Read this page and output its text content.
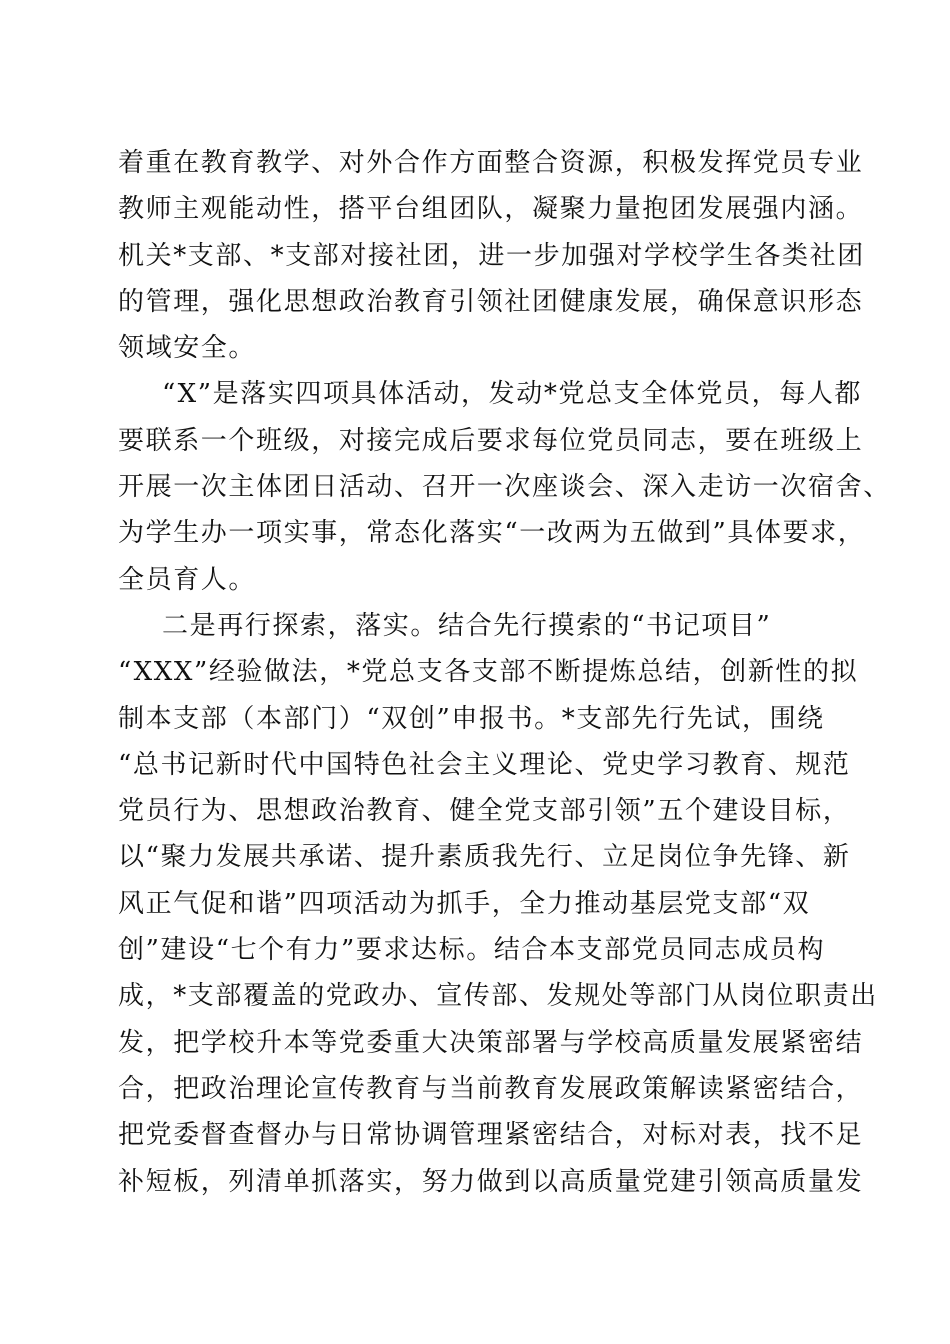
着重在教育教学、对外合作方面整合资源，积极发挥党员专业
教师主观能动性，搭平台组团队，凝聚力量抱团发展强内涵。
机关*支部、*支部对接社团，进一步加强对学校学生各类社团
的管理，强化思想政治教育引领社团健康发展，确保意识形态
领域安全。
“X”是落实四项具体活动，发动*党总支全体党员，每人都
要联系一个班级，对接完成后要求每位党员同志，要在班级上
开展一次主体团日活动、召开一次座谈会、深入走访一次宿舍、
为学生办一项实事，常态化落实“一改两为五做到”具体要求，
全员育人。
二是再行探索，落实。结合先行摸索的“书记项目”
“XXX”经验做法，*党总支各支部不断提炼总结，创新性的拟
制本支部（本部门）“双创”申报书。*支部先行先试，围绕
“总书记新时代中国特色社会主义理论、党史学习教育、规范
党员行为、思想政治教育、健全党支部引领”五个建设目标，
以“聚力发展共承诺、提升素质我先行、立足岗位争先锋、新
风正气促和谐”四项活动为抓手，全力推动基层党支部“双
创”建设“七个有力”要求达标。结合本支部党员同志成员构
成，*支部覆盖的党政办、宣传部、发规处等部门从岗位职责出
发，把学校升本等党委重大决策部署与学校高质量发展紧密结
合，把政治理论宣传教育与当前教育发展政策解读紧密结合，
把党委督查督办与日常协调管理紧密结合，对标对表，找不足
补短板，列清单抓落实，努力做到以高质量党建引领高质量发
